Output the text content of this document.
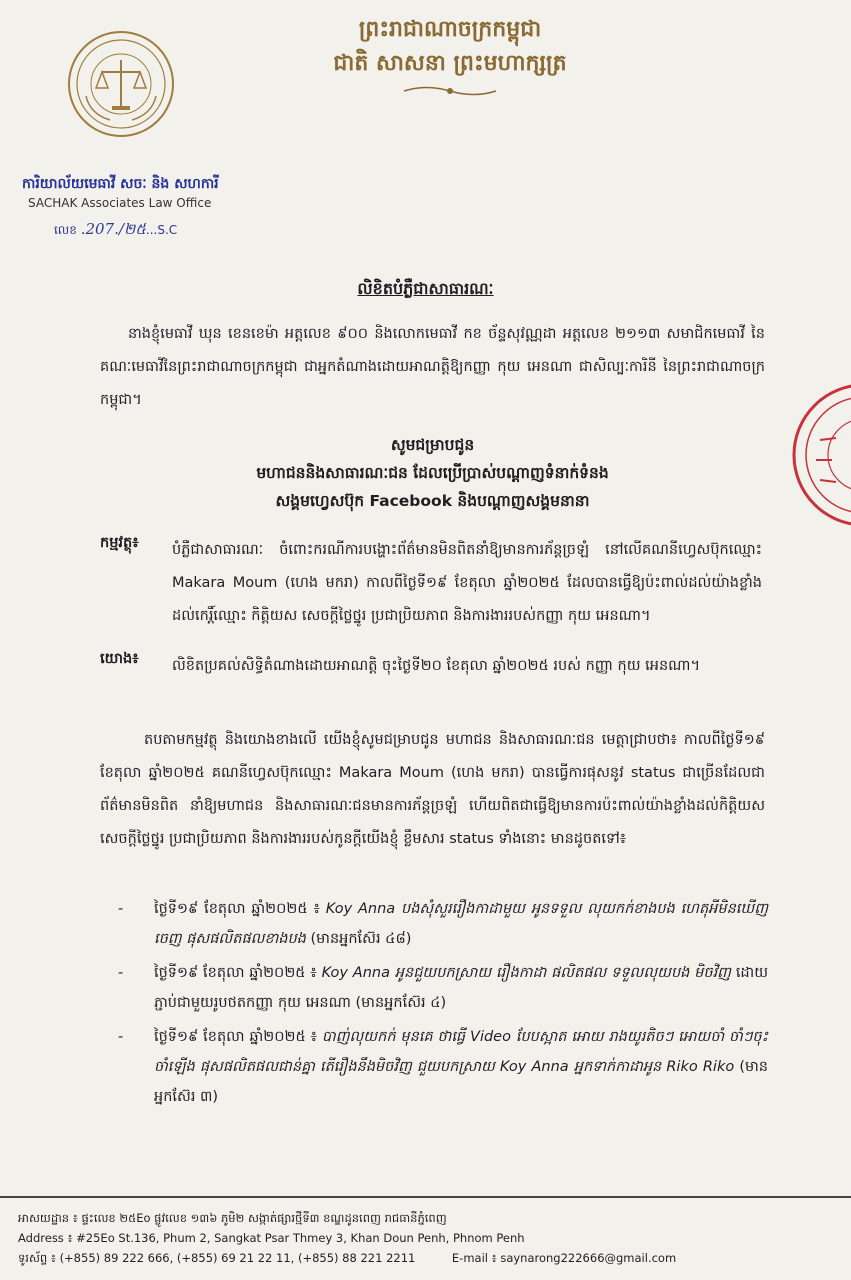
ព្រះរាជាណាចក្រកម្ពុជា
ជាតិ សាសនា ព្រះមហាក្សត្រ
ការិយាល័យមេធាវី សចៈ និង សហការី
SACHAK Associates Law Office
លេខ .207./២៥...S.C
លិខិតបំភ្លឺជាសាធារណៈ
នាងខ្ញុំមេធាវី ឃុន ខេនខេម៉ា អត្តលេខ ៩០០ និងលោកមេធាវី កខ ច័ន្ទសុវណ្ណដា អត្តលេខ ២១១៣ សមាជិកមេធាវី នៃគណៈមេធាវីនៃព្រះរាជាណាចក្រកម្ពុជា ជាអ្នកតំណាងដោយអាណត្តិឱ្យកញ្ញា កុយ អេនណា ជាសិល្បៈការិនី នៃព្រះរាជាណាចក្រកម្ពុជា។
សូមជម្រាបជូន
មហាជននិងសាធារណៈជន ដែលប្រើប្រាស់បណ្តាញទំនាក់ទំនង
សង្គមហ្វេសប៊ុក Facebook និងបណ្តាញសង្គមនានា
កម្មវត្ថុ៖ បំភ្លឺជាសាធារណៈ ចំពោះករណីការបង្ហោះព័ត៌មានមិនពិតនាំឱ្យមានការភ័ន្តច្រឡំ នៅលើគណនីហ្វេសប៊ុកឈ្មោះ Makara Moum (ហេង មករា) កាលពីថ្ងៃទី១៩ ខែតុលា ឆ្នាំ២០២៥ ដែលបានធ្វើឱ្យប៉ះពាល់ដល់យ៉ាងខ្លាំងដល់កេរ្តិ៍ឈ្មោះ កិត្តិយស សេចក្តីថ្លៃថ្នូរ ប្រជាប្រិយភាព និងការងាររបស់កញ្ញា កុយ អេនណា។
យោង៖ លិខិតប្រគល់សិទ្ធិតំណាងដោយអាណត្តិ ចុះថ្ងៃទី២០ ខែតុលា ឆ្នាំ២០២៥ របស់ កញ្ញា កុយ អេនណា។
តបតាមកម្មវត្ថុ និងយោងខាងលើ យើងខ្ញុំសូមជម្រាបជូន មហាជន និងសាធារណៈជន មេត្តាជ្រាបថា៖ កាលពីថ្ងៃទី១៩ ខែតុលា ឆ្នាំ២០២៥ គណនីហ្វេសប៊ុកឈ្មោះ Makara Moum (ហេង មករា) បានធ្វើការផុសនូវ status ជាច្រើនដែលជាព័ត៌មានមិនពិត នាំឱ្យមហាជន និងសាធារណៈជនមានការភ័ន្តច្រឡំ ហើយពិតជាធ្វើឱ្យមានការប៉ះពាល់យ៉ាងខ្លាំងដល់កិត្តិយស សេចក្តីថ្លៃថ្នូរ ប្រជាប្រិយភាព និងការងាររបស់កូនក្តីយើងខ្ញុំ ខ្លឹមសារ status ទាំងនោះ មានដូចតទៅ៖
-	ថ្ងៃទី១៩ ខែតុលា ឆ្នាំ២០២៥ ៖ Koy Anna បងសុំសួររឿងកាដាមួយ អូនទទួល លុយកក់ខាងបង ហេតុអីមិនឃើញចេញ ផុសផលិតផលខាងបង (មានអ្នកស៊ែរ ៤៨)
-	ថ្ងៃទី១៩ ខែតុលា ឆ្នាំ២០២៥ ៖ Koy Anna អូនជួយបកស្រាយ រឿងកាដា ផលិតផល ទទួលលុយបង មិចវិញ ដោយភ្ជាប់ជាមួយរូបថតកញ្ញា កុយ អេនណា (មានអ្នកស៊ែរ ៤)
-	ថ្ងៃទី១៩ ខែតុលា ឆ្នាំ២០២៥ ៖ បាញ់លុយកក់ មុនគេ ថាធ្វើ Video បែបស្អាត អោយ រាងយូរតិចៗ អោយចាំ ចាំៗចុះ ចាំឡើង ផុសផលិតផលជាន់គ្នា តើរឿងនឹងមិចវិញ ជួយបកស្រាយ Koy Anna អ្នកទាក់កាដាអូន Riko Riko (មានអ្នកស៊ែរ ៣)
អាសយដ្ឋាន ៖ ផ្ទះលេខ ២៥Eo ផ្លូវលេខ ១៣៦ ភូមិ២ សង្កាត់ផ្សារថ្មីទី៣ ខណ្ឌដូនពេញ រាជធានីភ្នំពេញ
Address ៖ #25Eo St.136, Phum 2, Sangkat Psar Thmey 3, Khan Doun Penh, Phnom Penh
ទូរស័ព្ទ ៖ (+855) 89 222 666, (+855) 69 21 22 11, (+855) 88 221 2211	E-mail ៖ saynarong222666@gmail.com
